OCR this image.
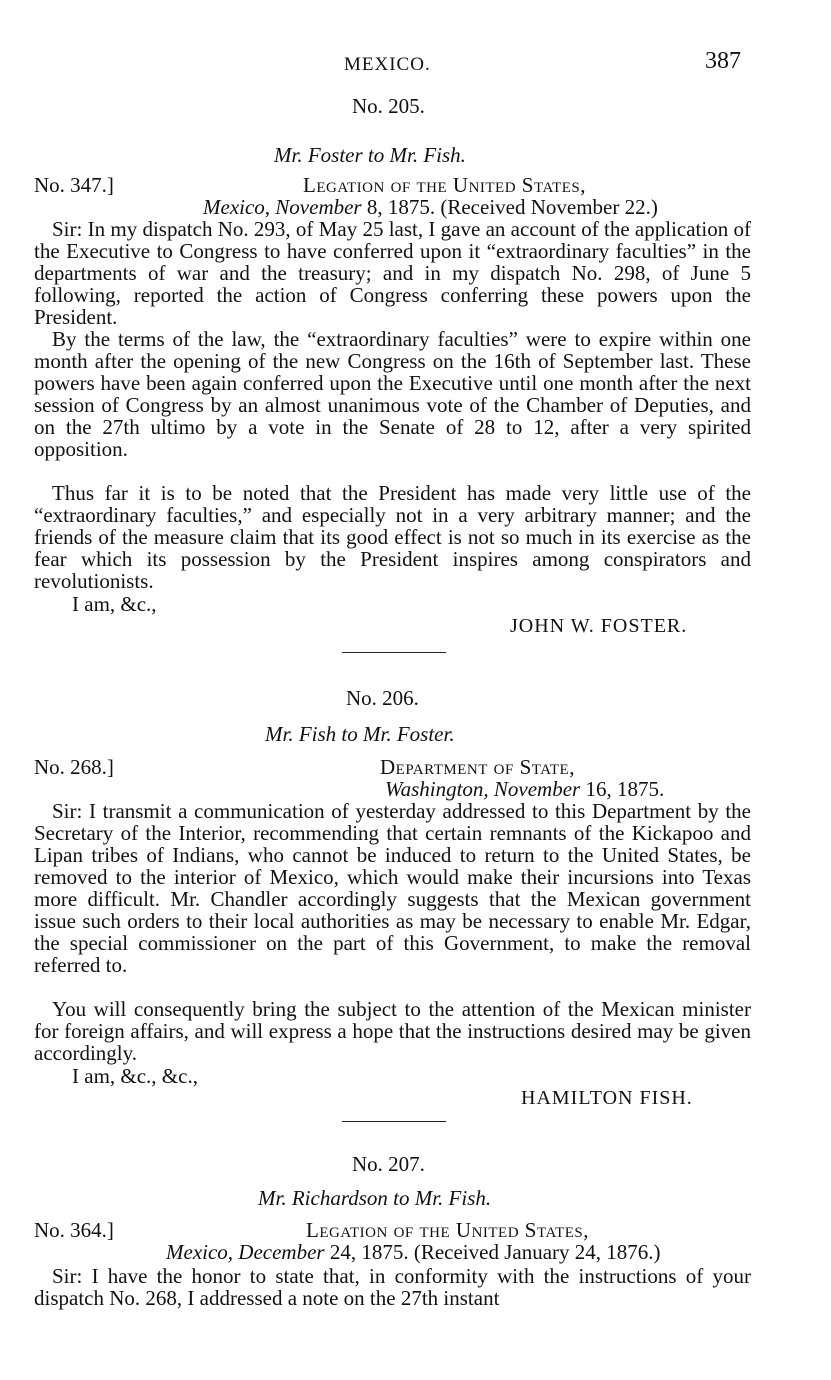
MEXICO.	387
No. 205.
Mr. Foster to Mr. Fish.
No. 347.]	Legation of the United States,
Mexico, November 8, 1875. (Received November 22.)

Sir: In my dispatch No. 293, of May 25 last, I gave an account of the application of the Executive to Congress to have conferred upon it “extraordinary faculties” in the departments of war and the treasury; and in my dispatch No. 298, of June 5 following, reported the action of Congress conferring these powers upon the President.

By the terms of the law, the “extraordinary faculties” were to expire within one month after the opening of the new Congress on the 16th of September last. These powers have been again conferred upon the Executive until one month after the next session of Congress by an almost unanimous vote of the Chamber of Deputies, and on the 27th ultimo by a vote in the Senate of 28 to 12, after a very spirited opposition.

Thus far it is to be noted that the President has made very little use of the “extraordinary faculties,” and especially not in a very arbitrary manner; and the friends of the measure claim that its good effect is not so much in its exercise as the fear which its possession by the President inspires among conspirators and revolutionists.

I am, &c.,
JOHN W. FOSTER.
No. 206.
Mr. Fish to Mr. Foster.
No. 268.]	Department of State,
Washington, November 16, 1875.

Sir: I transmit a communication of yesterday addressed to this Department by the Secretary of the Interior, recommending that certain remnants of the Kickapoo and Lipan tribes of Indians, who cannot be induced to return to the United States, be removed to the interior of Mexico, which would make their incursions into Texas more difficult. Mr. Chandler accordingly suggests that the Mexican government issue such orders to their local authorities as may be necessary to enable Mr. Edgar, the special commissioner on the part of this Government, to make the removal referred to.

You will consequently bring the subject to the attention of the Mexican minister for foreign affairs, and will express a hope that the instructions desired may be given accordingly.

I am, &c., &c.,
HAMILTON FISH.
No. 207.
Mr. Richardson to Mr. Fish.
No. 364.]	Legation of the United States,
Mexico, December 24, 1875. (Received January 24, 1876.)

Sir: I have the honor to state that, in conformity with the instructions of your dispatch No. 268, I addressed a note on the 27th instant
